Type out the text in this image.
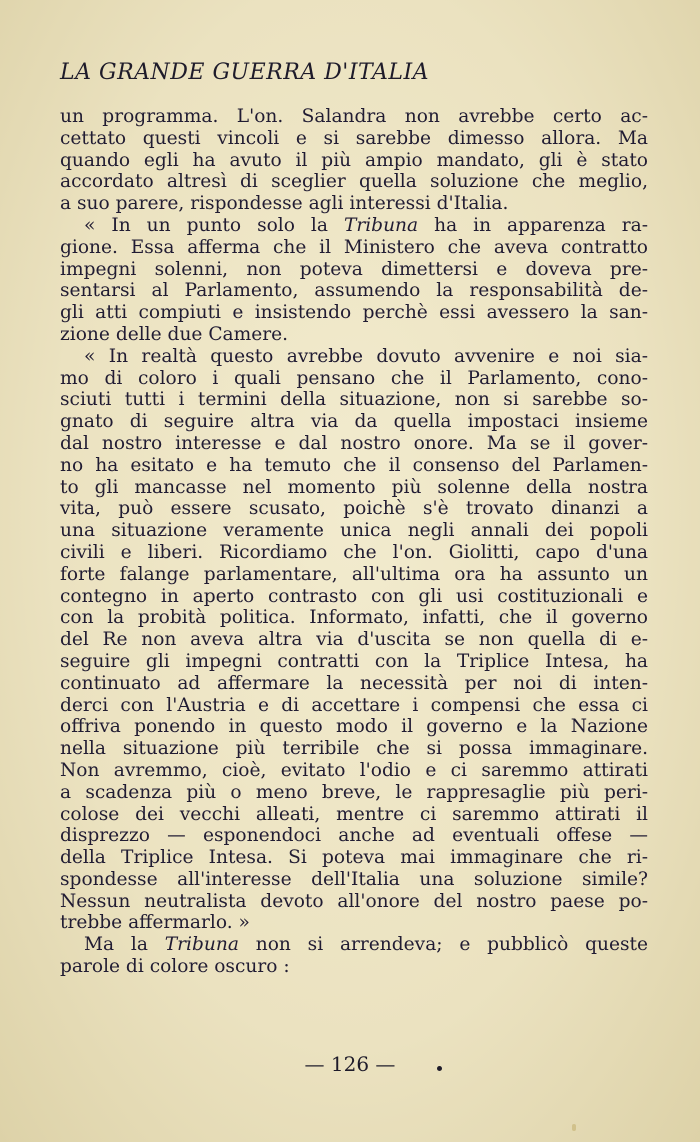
LA GRANDE GUERRA D'ITALIA
un programma. L'on. Salandra non avrebbe certo ac-
cettato questi vincoli e si sarebbe dimesso allora. Ma
quando egli ha avuto il più ampio mandato, gli è stato
accordato altresì di sceglier quella soluzione che meglio,
a suo parere, rispondesse agli interessi d'Italia.
« In un punto solo la Tribuna ha in apparenza ra-
gione. Essa afferma che il Ministero che aveva contratto
impegni solenni, non poteva dimettersi e doveva pre-
sentarsi al Parlamento, assumendo la responsabilità de-
gli atti compiuti e insistendo perchè essi avessero la san-
zione delle due Camere.
« In realtà questo avrebbe dovuto avvenire e noi sia-
mo di coloro i quali pensano che il Parlamento, cono-
sciuti tutti i termini della situazione, non si sarebbe so-
gnato di seguire altra via da quella impostaci insieme
dal nostro interesse e dal nostro onore. Ma se il gover-
no ha esitato e ha temuto che il consenso del Parlamen-
to gli mancasse nel momento più solenne della nostra
vita, può essere scusato, poichè s'è trovato dinanzi a
una situazione veramente unica negli annali dei popoli
civili e liberi. Ricordiamo che l'on. Giolitti, capo d'una
forte falange parlamentare, all'ultima ora ha assunto un
contegno in aperto contrasto con gli usi costituzionali e
con la probità politica. Informato, infatti, che il governo
del Re non aveva altra via d'uscita se non quella di e-
seguire gli impegni contratti con la Triplice Intesa, ha
continuato ad affermare la necessità per noi di inten-
derci con l'Austria e di accettare i compensi che essa ci
offriva ponendo in questo modo il governo e la Nazione
nella situazione più terribile che si possa immaginare.
Non avremmo, cioè, evitato l'odio e ci saremmo attirati
a scadenza più o meno breve, le rappresaglie più peri-
colose dei vecchi alleati, mentre ci saremmo attirati il
disprezzo — esponendoci anche ad eventuali offese —
della Triplice Intesa. Si poteva mai immaginare che ri-
spondesse all'interesse dell'Italia una soluzione simile?
Nessun neutralista devoto all'onore del nostro paese po-
trebbe affermarlo. »
Ma la Tribuna non si arrendeva; e pubblicò queste
parole di colore oscuro :
— 126 —
